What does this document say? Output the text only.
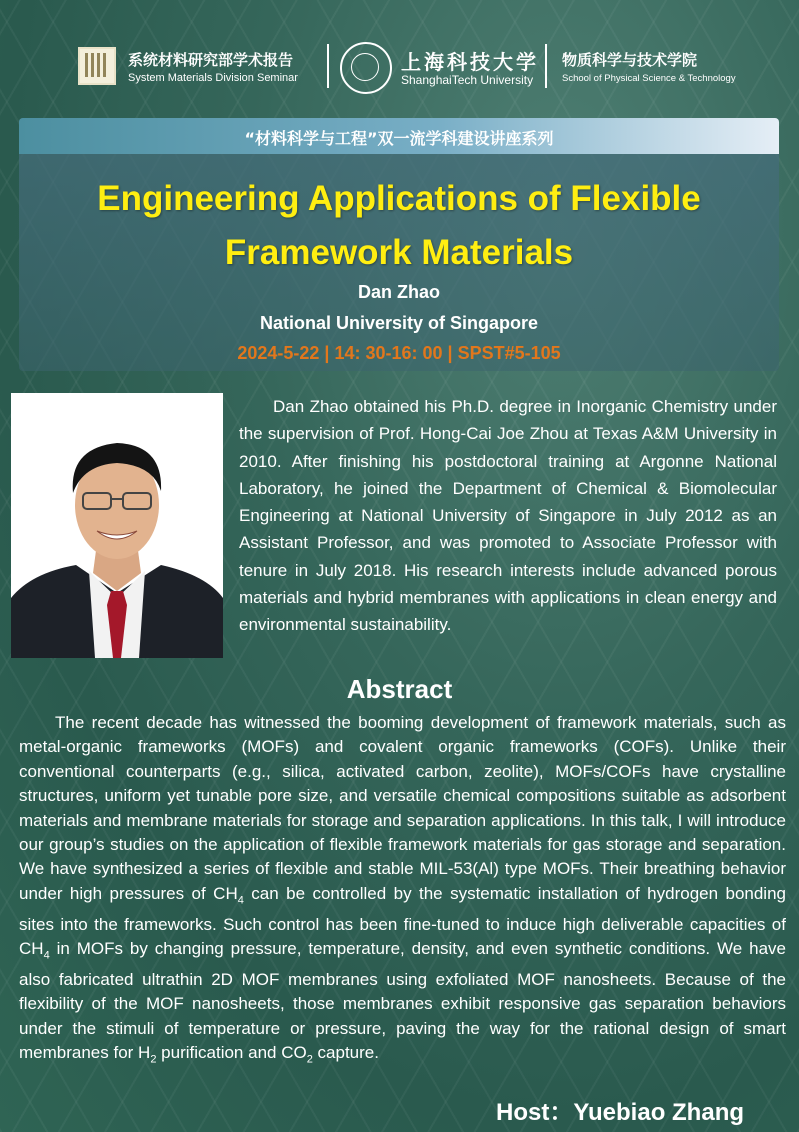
系统材料研究部学术报告
System Materials Division Seminar
上海科技大学
ShanghaiTech University
物质科学与技术学院
School of Physical Science & Technology
“材料科学与工程”双一流学科建设讲座系列
Engineering Applications of Flexible
Framework Materials
Dan Zhao
National University of Singapore
2024-5-22 | 14: 30-16: 00 | SPST#5-105

Dan Zhao obtained his Ph.D. degree in Inorganic Chemistry under the supervision of Prof. Hong-Cai Joe Zhou at Texas A&M University in 2010. After finishing his postdoctoral training at Argonne National Laboratory, he joined the Department of Chemical & Biomolecular Engineering at National University of Singapore in July 2012 as an Assistant Professor, and was promoted to Associate Professor with tenure in July 2018. His research interests include advanced porous materials and hybrid membranes with applications in clean energy and environmental sustainability.

Abstract

The recent decade has witnessed the booming development of framework materials, such as metal-organic frameworks (MOFs) and covalent organic frameworks (COFs). Unlike their conventional counterparts (e.g., silica, activated carbon, zeolite), MOFs/COFs have crystalline structures, uniform yet tunable pore size, and versatile chemical compositions suitable as adsorbent materials and membrane materials for storage and separation applications. In this talk, I will introduce our group’s studies on the application of flexible framework materials for gas storage and separation. We have synthesized a series of flexible and stable MIL-53(Al) type MOFs. Their breathing behavior under high pressures of $CH_4$ can be controlled by the systematic installation of hydrogen bonding sites into the frameworks. Such control has been fine-tuned to induce high deliverable capacities of $CH_4$ in MOFs by changing pressure, temperature, density, and even synthetic conditions. We have also fabricated ultrathin 2D MOF membranes using exfoliated MOF nanosheets. Because of the flexibility of the MOF nanosheets, those membranes exhibit responsive gas separation behaviors under the stimuli of temperature or pressure, paving the way for the rational design of smart membranes for $H_2$ purification and $CO_2$ capture.

Host：Yuebiao Zhang
